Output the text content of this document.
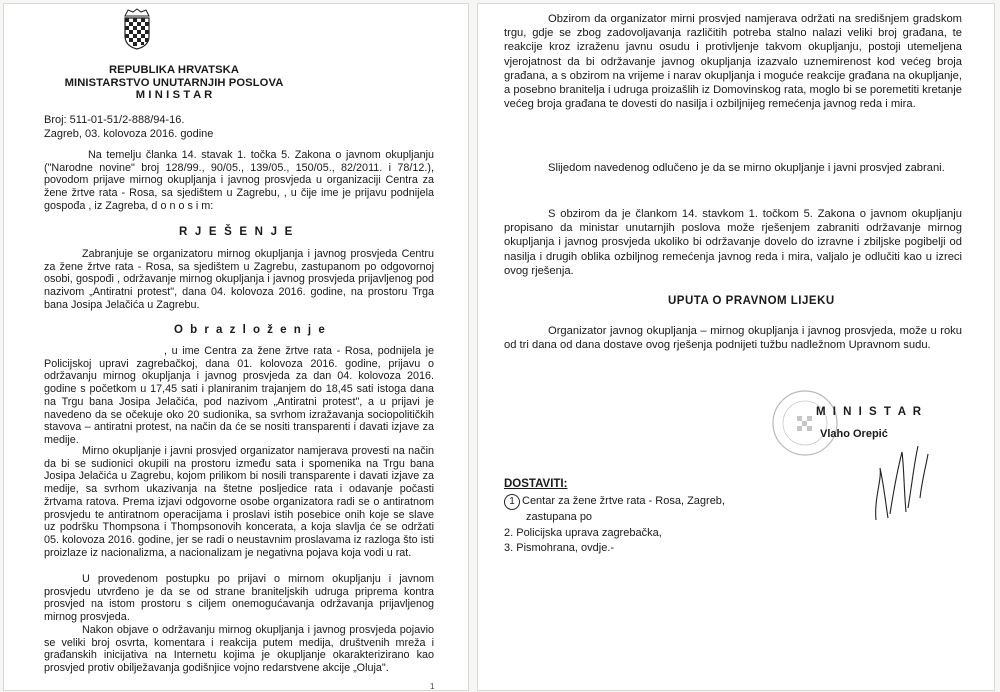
REPUBLIKA HRVATSKA
MINISTARSTVO UNUTARNJIH POSLOVA
M I N I S T A R
Broj: 511-01-51/2-888/94-16.
Zagreb, 03. kolovoza 2016. godine

Na temelju članka 14. stavak 1. točka 5. Zakona o javnom okupljanju ("Narodne novine" broj 128/99., 90/05., 139/05., 150/05., 82/2011. i 78/12.), povodom prijave mirnog okupljanja i javnog prosvjeda u organizaciji Centra za žene žrtve rata - Rosa, sa sjedištem u Zagrebu, , u čije ime je prijavu podnijela gospođa , iz Zagreba, d o n o s i m:

R J E Š E N J E

Zabranjuje se organizatoru mirnog okupljanja i javnog prosvjeda Centru za žene žrtve rata - Rosa, sa sjedištem u Zagrebu, zastupanom po odgovornoj osobi, gospođi , održavanje mirnog okupljanja i javnog prosvjeda prijavljenog pod nazivom „Antiratni protest", dana 04. kolovoza 2016. godine, na prostoru Trga bana Josipa Jelačića u Zagrebu.

O b r a z l o ž e n j e

, u ime Centra za žene žrtve rata - Rosa, podnijela je Policijskoj upravi zagrebačkoj, dana 01. kolovoza 2016. godine, prijavu o održavanju mirnog okupljanja i javnog prosvjeda za dan 04. kolovoza 2016. godine s početkom u 17,45 sati i planiranim trajanjem do 18,45 sati istoga dana na Trgu bana Josipa Jelačića, pod nazivom „Antiratni protest", a u prijavi je navedeno da se očekuje oko 20 sudionika, sa svrhom izražavanja sociopolitičkih stavova – antiratni protest, na način da će se nositi transparenti i davati izjave za medije.

Mirno okupljanje i javni prosvjed organizator namjerava provesti na način da bi se sudionici okupili na prostoru između sata i spomenika na Trgu bana Josipa Jelačića u Zagrebu, kojom prilikom bi nosili transparente i davati izjave za medije, sa svrhom ukazivanja na štetne posljedice rata i odavanje počasti žrtvama ratova. Prema izjavi odgovorne osobe organizatora radi se o antiratnom prosvjedu te antiratnom operacijama i proslavi istih posebice onih koje se slave uz podršku Thompsona i Thompsonovih koncerata, a koja slavlja će se održati 05. kolovoza 2016. godine, jer se radi o neustavnim proslavama iz razloga što isti proizlaze iz nacionalizma, a nacionalizam je negativna pojava koja vodi u rat.

U provedenom postupku po prijavi o mirnom okupljanju i javnom prosvjedu utvrđeno je da se od strane braniteljskih udruga priprema kontra prosvjed na istom prostoru s ciljem onemogućavanja održavanja prijavljenog mirnog prosvjeda.

Nakon objave o održavanju mirnog okupljanja i javnog prosvjeda pojavio se veliki broj osvrta, komentara i reakcija putem medija, društvenih mreža i građanskih inicijativa na Internetu kojima je okupljanje okarakterizirano kao prosvjed protiv obilježavanja godišnjice vojno redarstvene akcije „Oluja".

1

Obzirom da organizator mirni prosvjed namjerava održati na središnjem gradskom trgu, gdje se zbog zadovoljavanja različitih potreba stalno nalazi veliki broj građana, te reakcije kroz izraženu javnu osudu i protivljenje takvom okupljanju, postoji utemeljena vjerojatnost da bi održavanje javnog okupljanja izazvalo uznemirenost kod većeg broja građana, a s obzirom na vrijeme i narav okupljanja i moguće reakcije građana na okupljanje, a posebno branitelja i udruga proizašlih iz Domovinskog rata, moglo bi se poremetiti kretanje većeg broja građana te dovesti do nasilja i ozbiljnijeg remećenja javnog reda i mira.

Slijedom navedenog odlučeno je da se mirno okupljanje i javni prosvjed zabrani.

S obzirom da je člankom 14. stavkom 1. točkom 5. Zakona o javnom okupljanju propisano da ministar unutarnjih poslova može rješenjem zabraniti održavanje mirnog okupljanja i javnog prosvjeda ukoliko bi održavanje dovelo do izravne i zbiljske pogibelji od nasilja i drugih oblika ozbiljnog remećenja javnog reda i mira, valjalo je odlučiti kao u izreci ovog rješenja.

UPUTA O PRAVNOM LIJEKU

Organizator javnog okupljanja – mirnog okupljanja i javnog prosvjeda, može u roku od tri dana od dana dostave ovog rješenja podnijeti tužbu nadležnom Upravnom sudu.

M I N I S T A R
Vlaho Orepić
DOSTAVITI:
1 Centar za žene žrtve rata - Rosa, Zagreb,
zastupana po
2. Policijska uprava zagrebačka,
3. Pismohrana, ovdje.-
